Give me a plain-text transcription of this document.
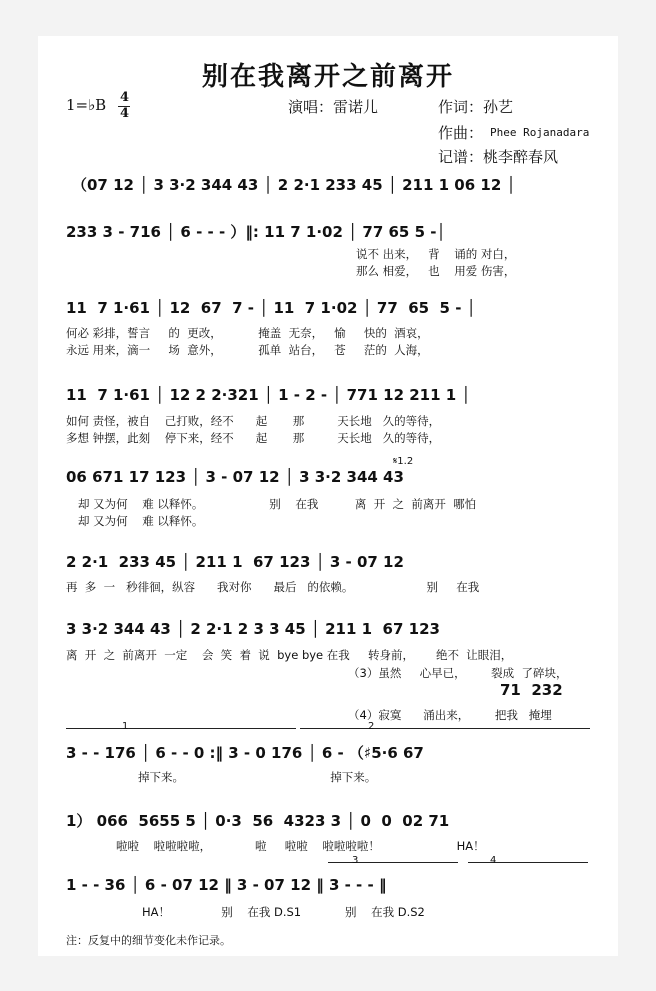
别在我离开之前离开
1=♭B 4
4	演唱：雷诺儿	作词：孙艺
作曲： Phee Rojanadara
记谱：桃李醉春风
（07 12 │ 3 3·2 344 43 │ 2 2·1 233 45 │ 211 1 06 12 │
233 3 - 716 │ 6 - - - ）‖: 11 7 1·02 │ 77 65 5 -│
说不 出来，   背    诵的 对白，
那么 相爱，   也    用爱 伤害，
11  7 1·61 │ 12  67  7 - │ 11  7 1·02 │ 77  65  5 - │
何必 彩排，誓言     的  更改，          掩盖  无奈，   愉     快的  酒哀，
永远 用来，滴一     场  意外，          孤单  站台，   苍     茫的  人海，
11  7 1·61 │ 12 2 2·321 │ 1 - 2 - │ 771 12 211 1 │
如何 责怪，被自    己打败，经不      起       那         天长地   久的等待，
多想 钟摆，此刻    停下来，经不      起       那         天长地   久的等待，
𝄋1.2
06 671 17 123 │ 3 - 07 12 │ 3 3·2 344 43
却 又为何    难 以释怀。                  别    在我          离  开  之  前离开  哪怕
却 又为何    难 以释怀。
2 2·1  233 45 │ 211 1  67 123 │ 3 - 07 12
再  多  一   秒徘徊，纵容      我对你      最后   的依赖。                    别     在我
3 3·2 344 43 │ 2 2·1 2 3 3 45 │ 211 1  67 123
离  开  之  前离开  一定    会  笑  着  说  bye bye 在我     转身前，      绝不  让眼泪，
（3）虽然     心早已，       裂成  了碎块，
71  232
（4）寂寞      涌出来，       把我   掩埋
1	2
3 - - 176 │ 6 - - 0 :‖ 3 - 0 176 │ 6 - （♯5·6 67
掉下来。                                        掉下来。
1） 066  5655 5 │ 0·3  56  4323 3 │ 0  0  02 71
啦啦    啦啦啦啦，            啦     啦啦    啦啦啦啦！                     HA！
3	4
1 - - 36 │ 6 - 07 12 ‖ 3 - 07 12 ‖ 3 - - - ‖
HA！              别    在我 D.S1            别    在我 D.S2
注：反复中的细节变化未作记录。
